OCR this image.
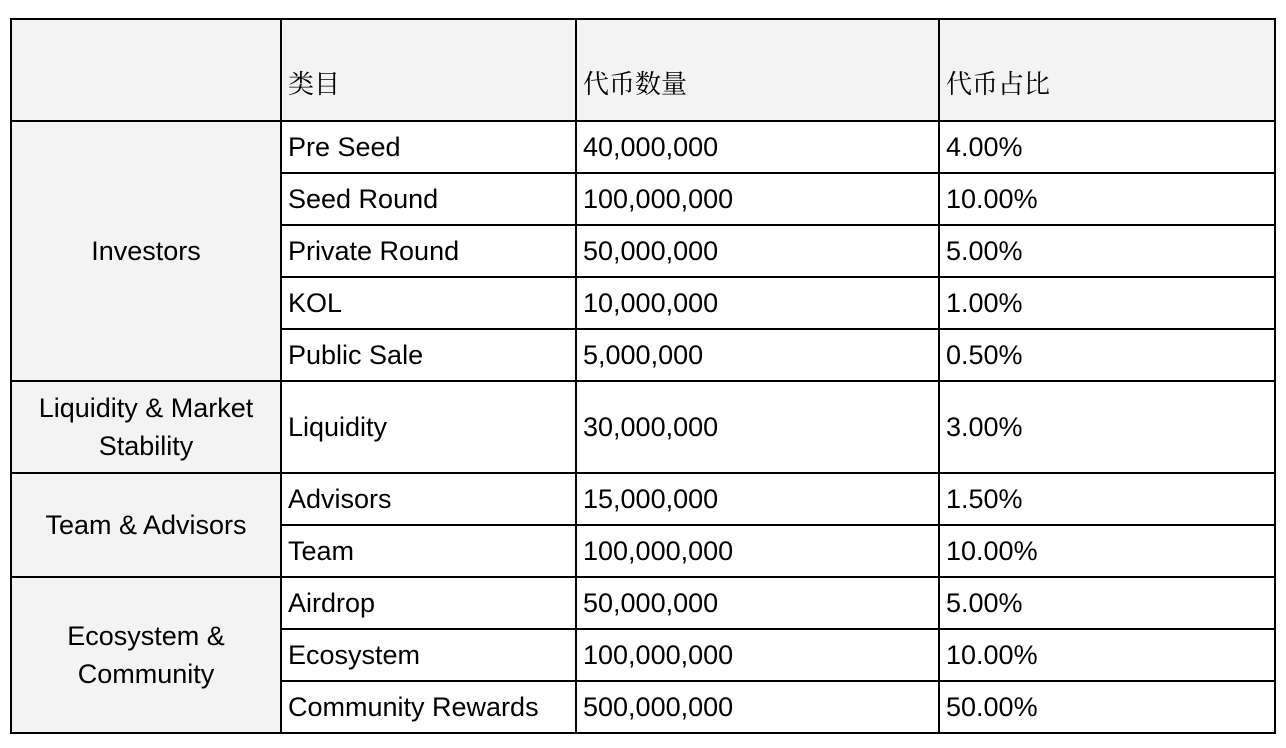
	类目	代币数量	代币占比
Investors	Pre Seed	40,000,000	4.00%
	Seed Round	100,000,000	10.00%
	Private Round	50,000,000	5.00%
	KOL	10,000,000	1.00%
	Public Sale	5,000,000	0.50%
Liquidity & Market Stability	Liquidity	30,000,000	3.00%
Team & Advisors	Advisors	15,000,000	1.50%
	Team	100,000,000	10.00%
Ecosystem & Community	Airdrop	50,000,000	5.00%
	Ecosystem	100,000,000	10.00%
	Community Rewards	500,000,000	50.00%
